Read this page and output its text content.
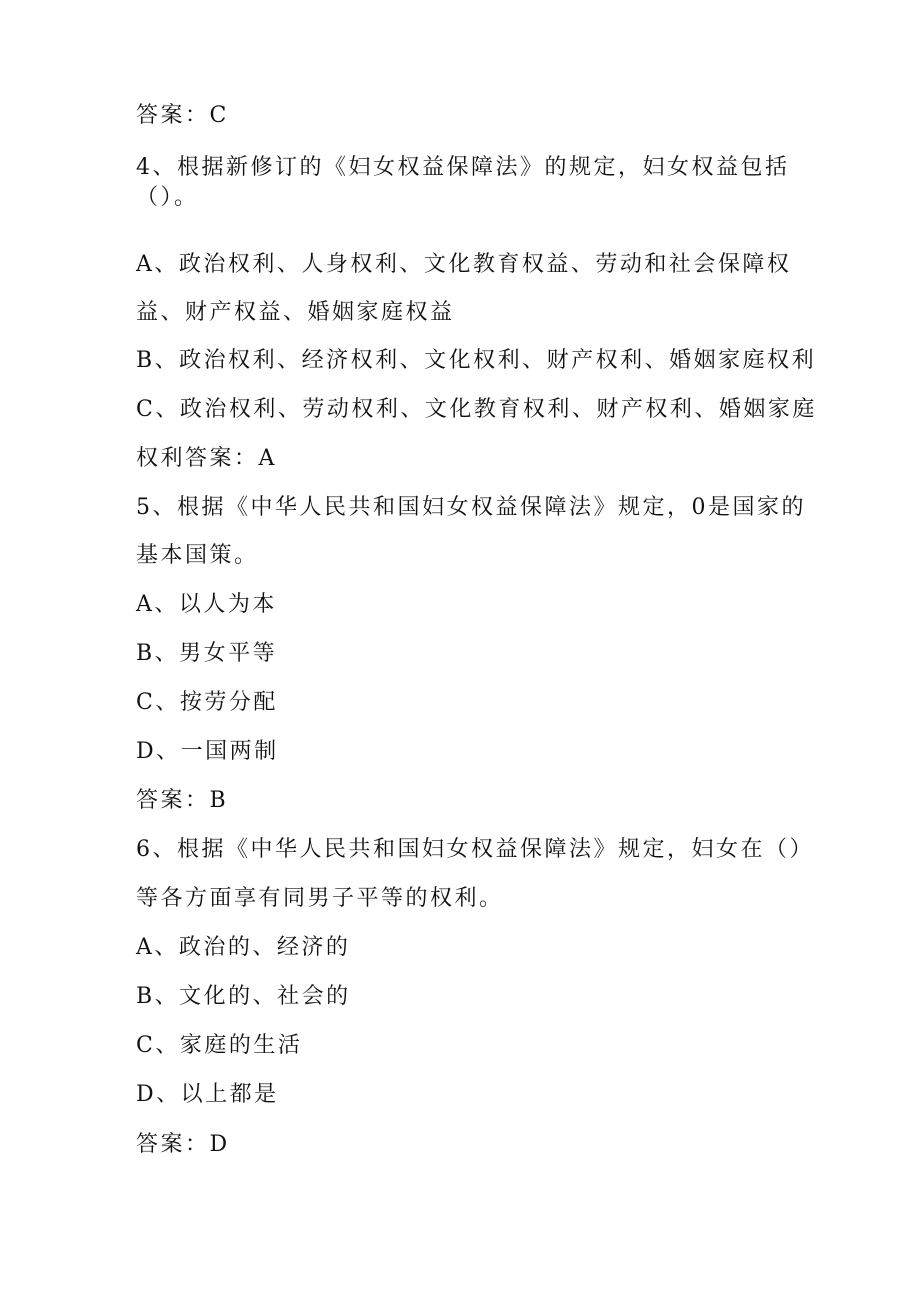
答案：C
4、根据新修订的《妇女权益保障法》的规定，妇女权益包括
（）。
A、政治权利、人身权利、文化教育权益、劳动和社会保障权
益、财产权益、婚姻家庭权益
B、政治权利、经济权利、文化权利、财产权利、婚姻家庭权利
C、政治权利、劳动权利、文化教育权利、财产权利、婚姻家庭
权利答案：A
5、根据《中华人民共和国妇女权益保障法》规定，0是国家的
基本国策。
A、以人为本
B、男女平等
C、按劳分配
D、一国两制
答案：B
6、根据《中华人民共和国妇女权益保障法》规定，妇女在（）
等各方面享有同男子平等的权利。
A、政治的、经济的
B、文化的、社会的
C、家庭的生活
D、以上都是
答案：D
